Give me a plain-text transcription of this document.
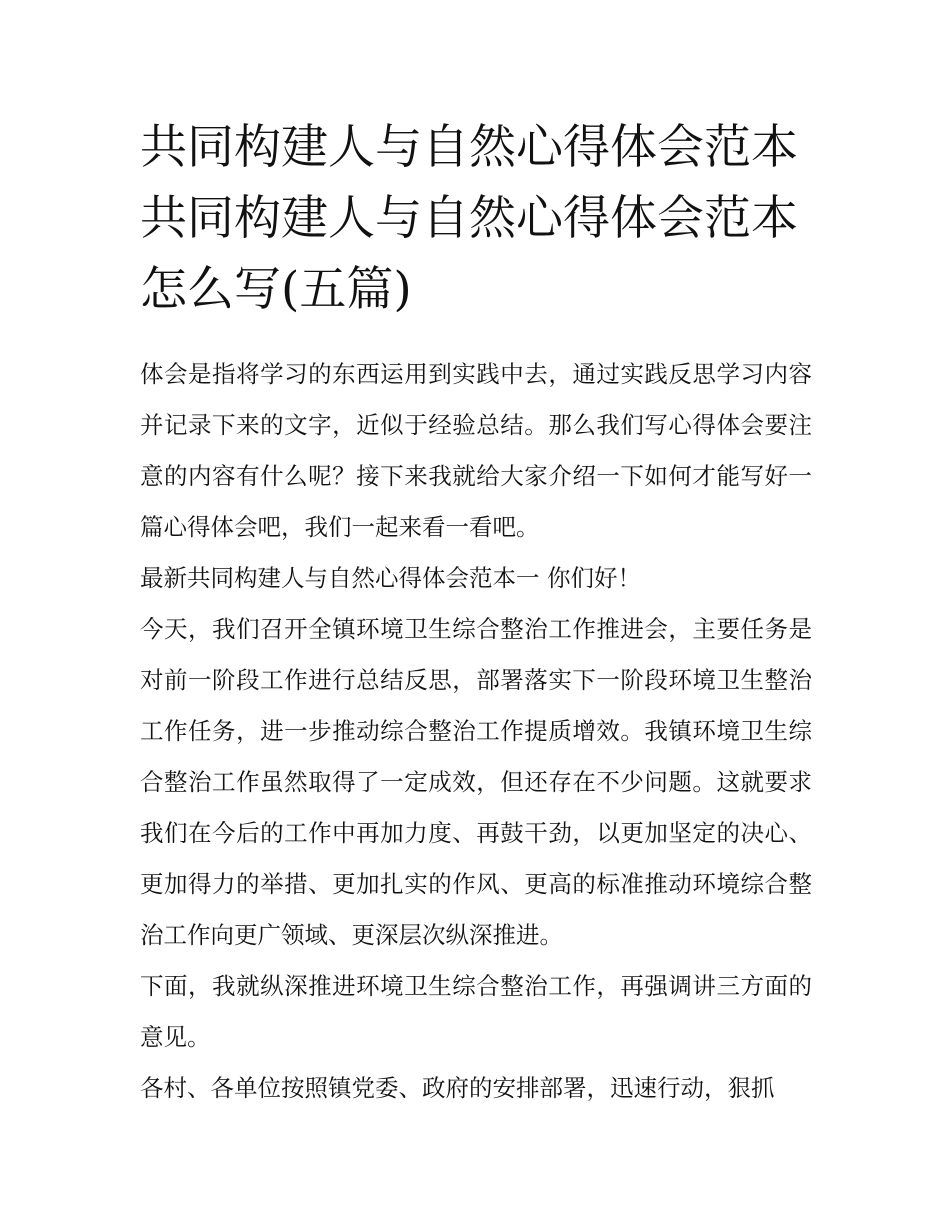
共同构建人与自然心得体会范本 共同构建人与自然心得体会范本怎么写(五篇)

体会是指将学习的东西运用到实践中去，通过实践反思学习内容并记录下来的文字，近似于经验总结。那么我们写心得体会要注意的内容有什么呢？接下来我就给大家介绍一下如何才能写好一篇心得体会吧，我们一起来看一看吧。

最新共同构建人与自然心得体会范本一 你们好！

今天，我们召开全镇环境卫生综合整治工作推进会，主要任务是对前一阶段工作进行总结反思，部署落实下一阶段环境卫生整治工作任务，进一步推动综合整治工作提质增效。我镇环境卫生综合整治工作虽然取得了一定成效，但还存在不少问题。这就要求我们在今后的工作中再加力度、再鼓干劲，以更加坚定的决心、更加得力的举措、更加扎实的作风、更高的标准推动环境综合整治工作向更广领域、更深层次纵深推进。

下面，我就纵深推进环境卫生综合整治工作，再强调讲三方面的意见。

各村、各单位按照镇党委、政府的安排部署，迅速行动，狠抓
